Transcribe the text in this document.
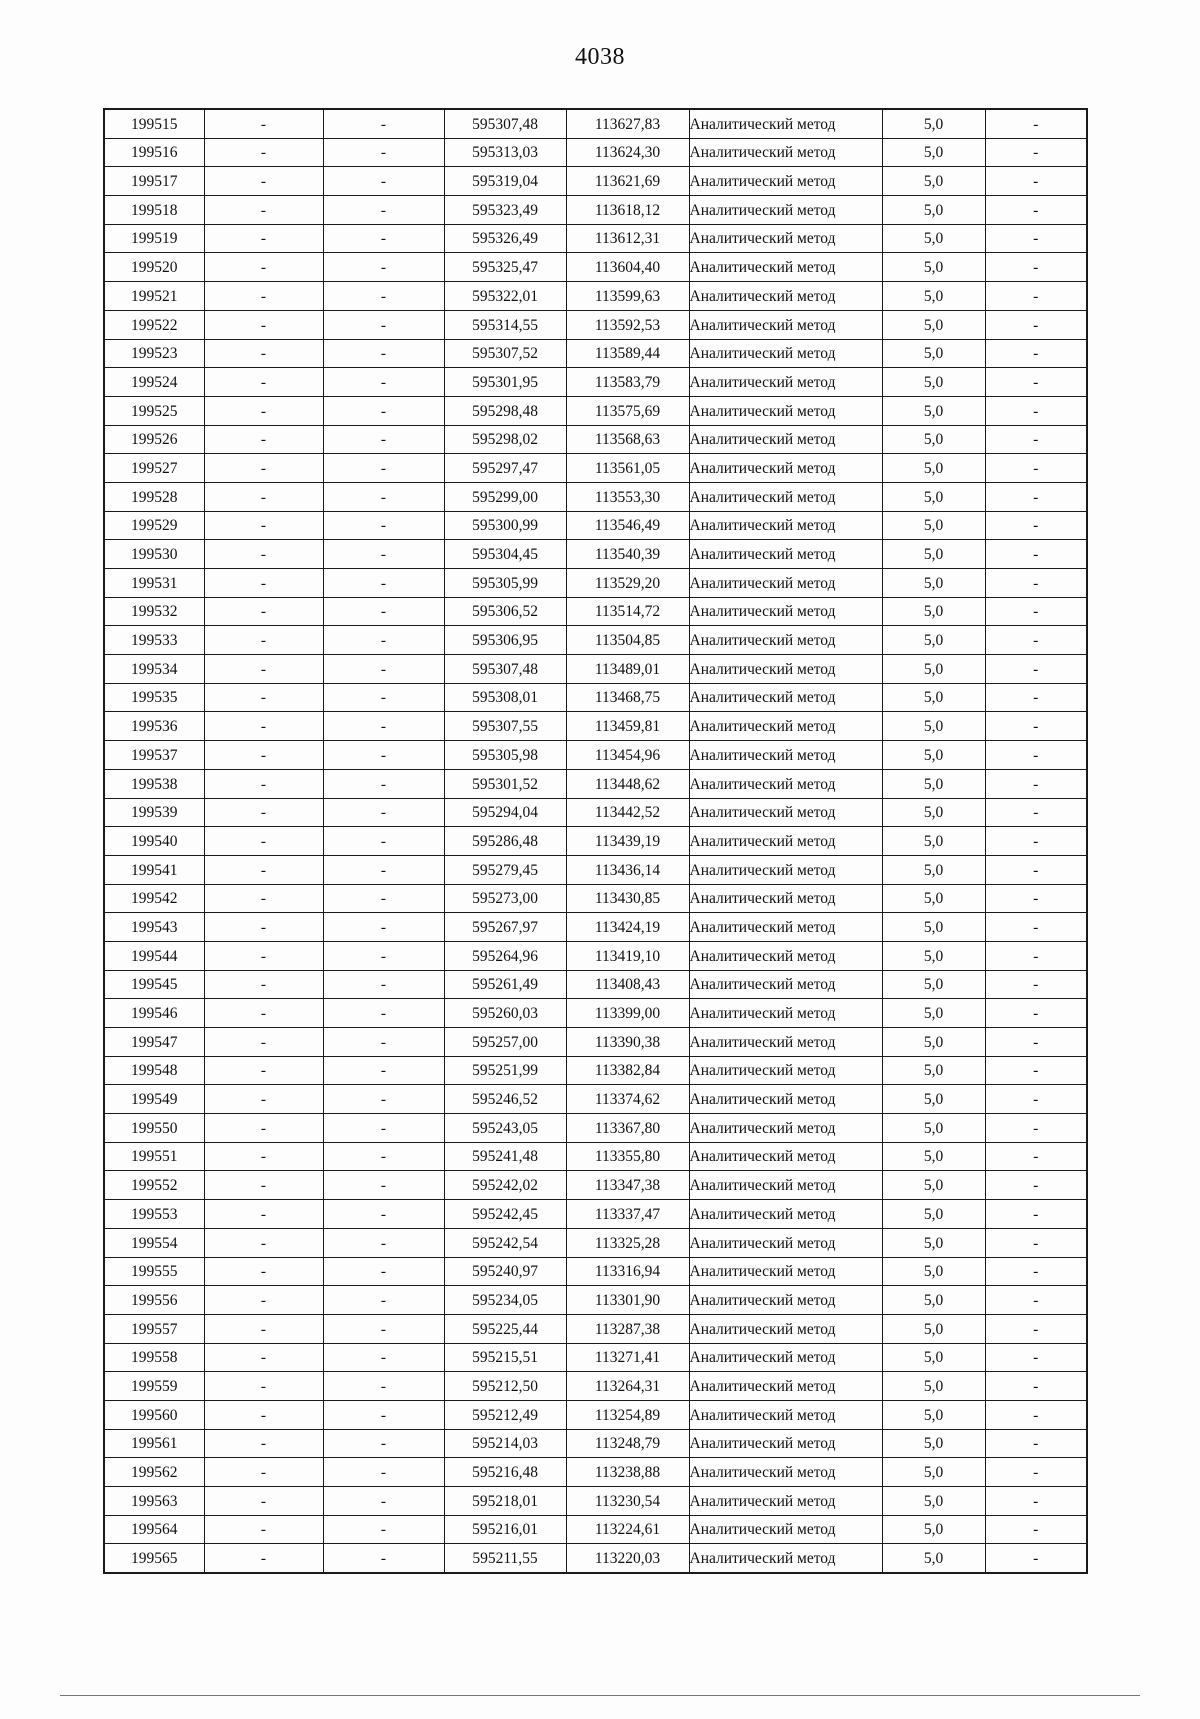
4038
199515	-	-	595307,48	113627,83	Аналитический метод	5,0	-
199516	-	-	595313,03	113624,30	Аналитический метод	5,0	-
199517	-	-	595319,04	113621,69	Аналитический метод	5,0	-
199518	-	-	595323,49	113618,12	Аналитический метод	5,0	-
199519	-	-	595326,49	113612,31	Аналитический метод	5,0	-
199520	-	-	595325,47	113604,40	Аналитический метод	5,0	-
199521	-	-	595322,01	113599,63	Аналитический метод	5,0	-
199522	-	-	595314,55	113592,53	Аналитический метод	5,0	-
199523	-	-	595307,52	113589,44	Аналитический метод	5,0	-
199524	-	-	595301,95	113583,79	Аналитический метод	5,0	-
199525	-	-	595298,48	113575,69	Аналитический метод	5,0	-
199526	-	-	595298,02	113568,63	Аналитический метод	5,0	-
199527	-	-	595297,47	113561,05	Аналитический метод	5,0	-
199528	-	-	595299,00	113553,30	Аналитический метод	5,0	-
199529	-	-	595300,99	113546,49	Аналитический метод	5,0	-
199530	-	-	595304,45	113540,39	Аналитический метод	5,0	-
199531	-	-	595305,99	113529,20	Аналитический метод	5,0	-
199532	-	-	595306,52	113514,72	Аналитический метод	5,0	-
199533	-	-	595306,95	113504,85	Аналитический метод	5,0	-
199534	-	-	595307,48	113489,01	Аналитический метод	5,0	-
199535	-	-	595308,01	113468,75	Аналитический метод	5,0	-
199536	-	-	595307,55	113459,81	Аналитический метод	5,0	-
199537	-	-	595305,98	113454,96	Аналитический метод	5,0	-
199538	-	-	595301,52	113448,62	Аналитический метод	5,0	-
199539	-	-	595294,04	113442,52	Аналитический метод	5,0	-
199540	-	-	595286,48	113439,19	Аналитический метод	5,0	-
199541	-	-	595279,45	113436,14	Аналитический метод	5,0	-
199542	-	-	595273,00	113430,85	Аналитический метод	5,0	-
199543	-	-	595267,97	113424,19	Аналитический метод	5,0	-
199544	-	-	595264,96	113419,10	Аналитический метод	5,0	-
199545	-	-	595261,49	113408,43	Аналитический метод	5,0	-
199546	-	-	595260,03	113399,00	Аналитический метод	5,0	-
199547	-	-	595257,00	113390,38	Аналитический метод	5,0	-
199548	-	-	595251,99	113382,84	Аналитический метод	5,0	-
199549	-	-	595246,52	113374,62	Аналитический метод	5,0	-
199550	-	-	595243,05	113367,80	Аналитический метод	5,0	-
199551	-	-	595241,48	113355,80	Аналитический метод	5,0	-
199552	-	-	595242,02	113347,38	Аналитический метод	5,0	-
199553	-	-	595242,45	113337,47	Аналитический метод	5,0	-
199554	-	-	595242,54	113325,28	Аналитический метод	5,0	-
199555	-	-	595240,97	113316,94	Аналитический метод	5,0	-
199556	-	-	595234,05	113301,90	Аналитический метод	5,0	-
199557	-	-	595225,44	113287,38	Аналитический метод	5,0	-
199558	-	-	595215,51	113271,41	Аналитический метод	5,0	-
199559	-	-	595212,50	113264,31	Аналитический метод	5,0	-
199560	-	-	595212,49	113254,89	Аналитический метод	5,0	-
199561	-	-	595214,03	113248,79	Аналитический метод	5,0	-
199562	-	-	595216,48	113238,88	Аналитический метод	5,0	-
199563	-	-	595218,01	113230,54	Аналитический метод	5,0	-
199564	-	-	595216,01	113224,61	Аналитический метод	5,0	-
199565	-	-	595211,55	113220,03	Аналитический метод	5,0	-
